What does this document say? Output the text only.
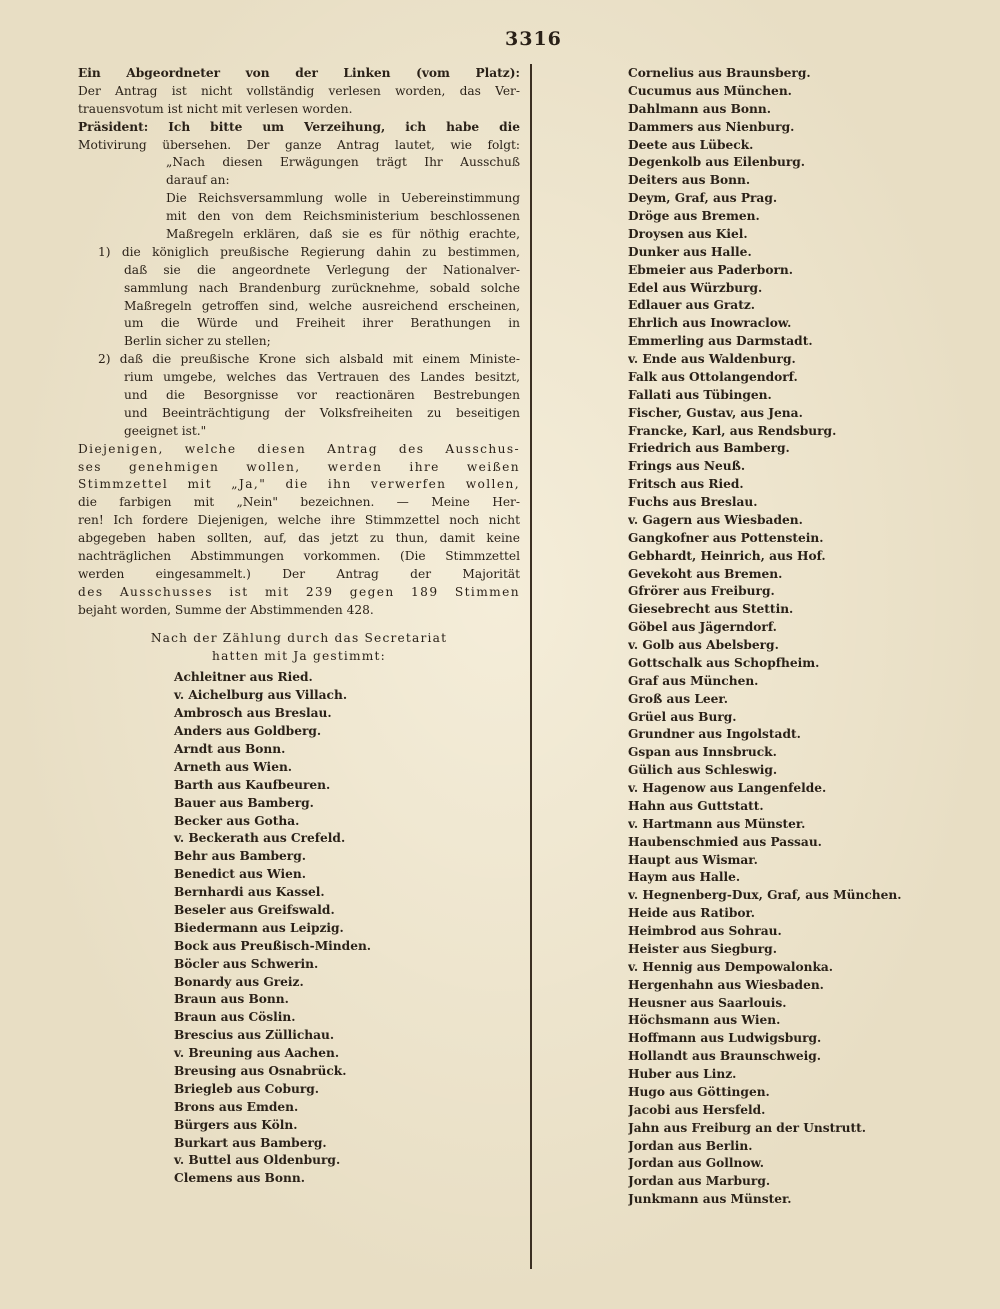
3316
Ein Abgeordneter von der Linken (vom Platz):
Der Antrag ist nicht vollständig verlesen worden, das Ver-
trauensvotum ist nicht mit verlesen worden.
Präsident: Ich bitte um Verzeihung, ich habe die
Motivirung übersehen. Der ganze Antrag lautet, wie folgt:
„Nach diesen Erwägungen trägt Ihr Ausschuß
darauf an:
Die Reichsversammlung wolle in Uebereinstimmung
mit den von dem Reichsministerium beschlossenen
Maßregeln erklären, daß sie es für nöthig erachte,
1) die königlich preußische Regierung dahin zu bestimmen,
daß sie die angeordnete Verlegung der Nationalver-
sammlung nach Brandenburg zurücknehme, sobald solche
Maßregeln getroffen sind, welche ausreichend erscheinen,
um die Würde und Freiheit ihrer Berathungen in
Berlin sicher zu stellen;
2) daß die preußische Krone sich alsbald mit einem Ministe-
rium umgebe, welches das Vertrauen des Landes besitzt,
und die Besorgnisse vor reactionären Bestrebungen
und Beeinträchtigung der Volksfreiheiten zu beseitigen
geeignet ist."
Diejenigen, welche diesen Antrag des Ausschus-
ses genehmigen wollen, werden ihre weißen
Stimmzettel mit „Ja," die ihn verwerfen wollen,
die farbigen mit „Nein" bezeichnen. — Meine Her-
ren! Ich fordere Diejenigen, welche ihre Stimmzettel noch nicht
abgegeben haben sollten, auf, das jetzt zu thun, damit keine
nachträglichen Abstimmungen vorkommen. (Die Stimmzettel
werden eingesammelt.) Der Antrag der Majorität
des Ausschusses ist mit 239 gegen 189 Stimmen
bejaht worden, Summe der Abstimmenden 428.
Nach der Zählung durch das Secretariat
hatten mit Ja gestimmt:
Achleitner aus Ried.
v. Aichelburg aus Villach.
Ambrosch aus Breslau.
Anders aus Goldberg.
Arndt aus Bonn.
Arneth aus Wien.
Barth aus Kaufbeuren.
Bauer aus Bamberg.
Becker aus Gotha.
v. Beckerath aus Crefeld.
Behr aus Bamberg.
Benedict aus Wien.
Bernhardi aus Kassel.
Beseler aus Greifswald.
Biedermann aus Leipzig.
Bock aus Preußisch-Minden.
Böcler aus Schwerin.
Bonardy aus Greiz.
Braun aus Bonn.
Braun aus Cöslin.
Brescius aus Züllichau.
v. Breuning aus Aachen.
Breusing aus Osnabrück.
Briegleb aus Coburg.
Brons aus Emden.
Bürgers aus Köln.
Burkart aus Bamberg.
v. Buttel aus Oldenburg.
Clemens aus Bonn.
Cornelius aus Braunsberg.
Cucumus aus München.
Dahlmann aus Bonn.
Dammers aus Nienburg.
Deete aus Lübeck.
Degenkolb aus Eilenburg.
Deiters aus Bonn.
Deym, Graf, aus Prag.
Dröge aus Bremen.
Droysen aus Kiel.
Dunker aus Halle.
Ebmeier aus Paderborn.
Edel aus Würzburg.
Edlauer aus Gratz.
Ehrlich aus Inowraclow.
Emmerling aus Darmstadt.
v. Ende aus Waldenburg.
Falk aus Ottolangendorf.
Fallati aus Tübingen.
Fischer, Gustav, aus Jena.
Francke, Karl, aus Rendsburg.
Friedrich aus Bamberg.
Frings aus Neuß.
Fritsch aus Ried.
Fuchs aus Breslau.
v. Gagern aus Wiesbaden.
Gangkofner aus Pottenstein.
Gebhardt, Heinrich, aus Hof.
Gevekoht aus Bremen.
Gfrörer aus Freiburg.
Giesebrecht aus Stettin.
Göbel aus Jägerndorf.
v. Golb aus Abelsberg.
Gottschalk aus Schopfheim.
Graf aus München.
Groß aus Leer.
Grüel aus Burg.
Grundner aus Ingolstadt.
Gspan aus Innsbruck.
Gülich aus Schleswig.
v. Hagenow aus Langenfelde.
Hahn aus Guttstatt.
v. Hartmann aus Münster.
Haubenschmied aus Passau.
Haupt aus Wismar.
Haym aus Halle.
v. Hegnenberg-Dux, Graf, aus München.
Heide aus Ratibor.
Heimbrod aus Sohrau.
Heister aus Siegburg.
v. Hennig aus Dempowalonka.
Hergenhahn aus Wiesbaden.
Heusner aus Saarlouis.
Höchsmann aus Wien.
Hoffmann aus Ludwigsburg.
Hollandt aus Braunschweig.
Huber aus Linz.
Hugo aus Göttingen.
Jacobi aus Hersfeld.
Jahn aus Freiburg an der Unstrutt.
Jordan aus Berlin.
Jordan aus Gollnow.
Jordan aus Marburg.
Junkmann aus Münster.
